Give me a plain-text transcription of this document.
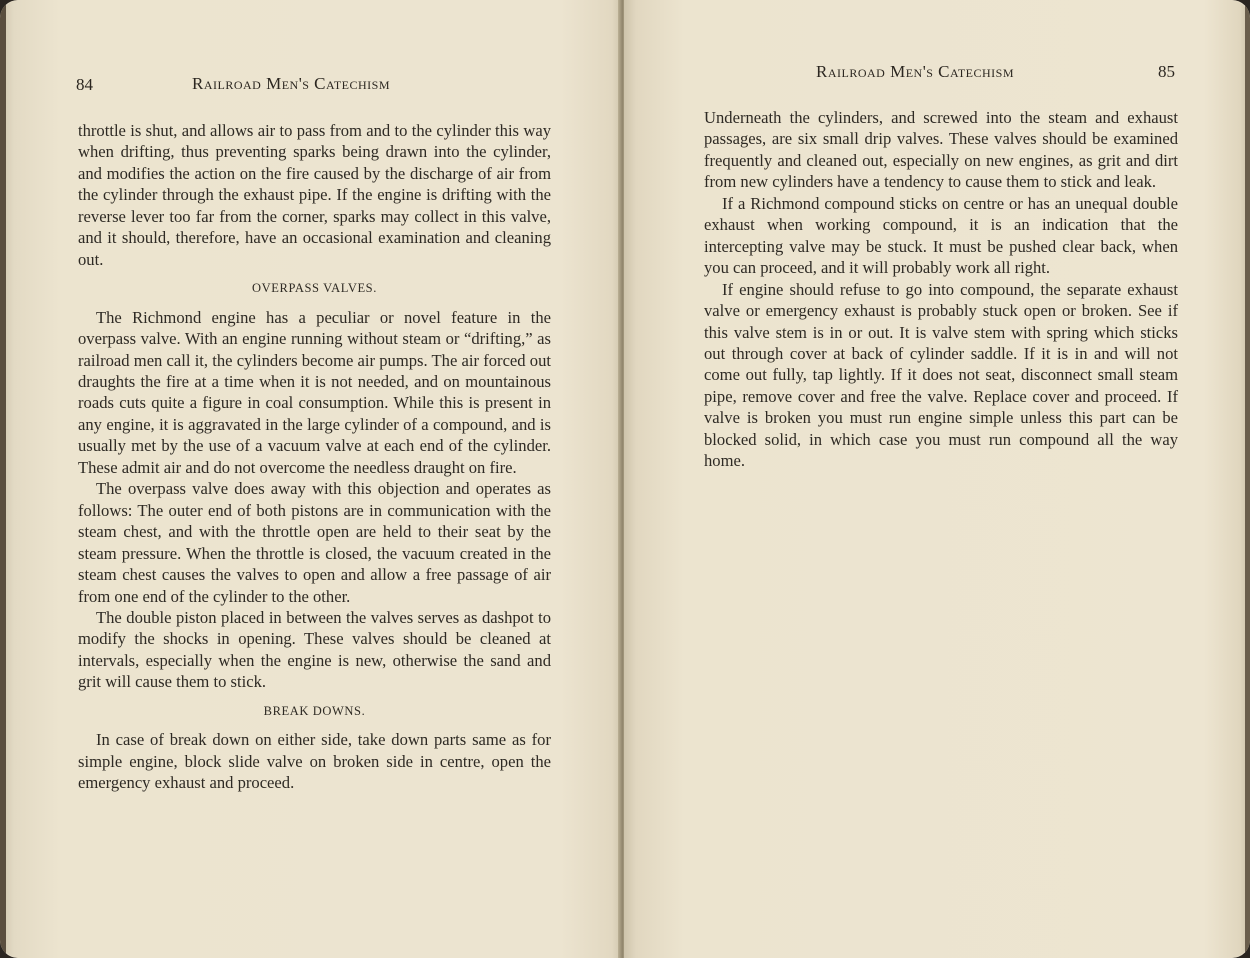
84	Railroad Men's Catechism

throttle is shut, and allows air to pass from and to the cylinder this way when drifting, thus preventing sparks being drawn into the cylinder, and modifies the action on the fire caused by the discharge of air from the cylinder through the exhaust pipe. If the engine is drifting with the reverse lever too far from the corner, sparks may collect in this valve, and it should, therefore, have an occasional examination and cleaning out.

OVERPASS VALVES.

The Richmond engine has a peculiar or novel feature in the overpass valve. With an engine running without steam or “drifting,” as railroad men call it, the cylinders become air pumps. The air forced out draughts the fire at a time when it is not needed, and on mountainous roads cuts quite a figure in coal consumption. While this is present in any engine, it is aggravated in the large cylinder of a compound, and is usually met by the use of a vacuum valve at each end of the cylinder. These admit air and do not overcome the needless draught on fire.

The overpass valve does away with this objection and operates as follows: The outer end of both pistons are in communication with the steam chest, and with the throttle open are held to their seat by the steam pressure. When the throttle is closed, the vacuum created in the steam chest causes the valves to open and allow a free passage of air from one end of the cylinder to the other.

The double piston placed in between the valves serves as dashpot to modify the shocks in opening. These valves should be cleaned at intervals, especially when the engine is new, otherwise the sand and grit will cause them to stick.

BREAK DOWNS.

In case of break down on either side, take down parts same as for simple engine, block slide valve on broken side in centre, open the emergency exhaust and proceed.

Railroad Men's Catechism	85

Underneath the cylinders, and screwed into the steam and exhaust passages, are six small drip valves. These valves should be examined frequently and cleaned out, especially on new engines, as grit and dirt from new cylinders have a tendency to cause them to stick and leak.

If a Richmond compound sticks on centre or has an unequal double exhaust when working compound, it is an indication that the intercepting valve may be stuck. It must be pushed clear back, when you can proceed, and it will probably work all right.

If engine should refuse to go into compound, the separate exhaust valve or emergency exhaust is probably stuck open or broken. See if this valve stem is in or out. It is valve stem with spring which sticks out through cover at back of cylinder saddle. If it is in and will not come out fully, tap lightly. If it does not seat, disconnect small steam pipe, remove cover and free the valve. Replace cover and proceed. If valve is broken you must run engine simple unless this part can be blocked solid, in which case you must run compound all the way home.
